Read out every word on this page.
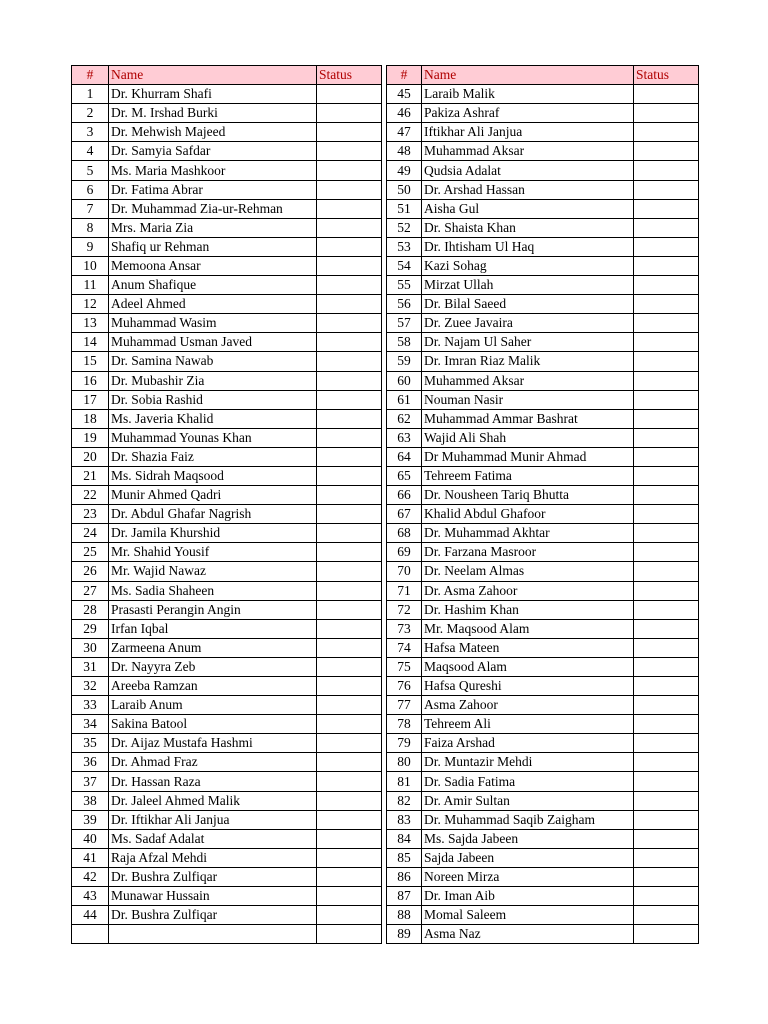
#	Name	Status		#	Name	Status
1	Dr. Khurram Shafi			45	Laraib Malik	
2	Dr. M. Irshad Burki			46	Pakiza Ashraf	
3	Dr. Mehwish Majeed			47	Iftikhar Ali Janjua	
4	Dr. Samyia Safdar			48	Muhammad Aksar	
5	Ms. Maria Mashkoor			49	Qudsia Adalat	
6	Dr. Fatima Abrar			50	Dr. Arshad Hassan	
7	Dr. Muhammad Zia-ur-Rehman			51	Aisha Gul	
8	Mrs. Maria Zia			52	Dr. Shaista Khan	
9	Shafiq ur Rehman			53	Dr. Ihtisham Ul Haq	
10	Memoona Ansar			54	Kazi Sohag	
11	Anum Shafique			55	Mirzat Ullah	
12	Adeel Ahmed			56	Dr. Bilal Saeed	
13	Muhammad Wasim			57	Dr. Zuee Javaira	
14	Muhammad Usman Javed			58	Dr. Najam Ul Saher	
15	Dr. Samina Nawab			59	Dr. Imran Riaz Malik	
16	Dr. Mubashir Zia			60	Muhammed Aksar	
17	Dr. Sobia Rashid			61	Nouman Nasir	
18	Ms. Javeria Khalid			62	Muhammad Ammar Bashrat	
19	Muhammad Younas Khan			63	Wajid Ali Shah	
20	Dr. Shazia Faiz			64	Dr Muhammad Munir Ahmad	
21	Ms. Sidrah Maqsood			65	Tehreem Fatima	
22	Munir Ahmed Qadri			66	Dr. Nousheen Tariq Bhutta	
23	Dr. Abdul Ghafar Nagrish			67	Khalid Abdul Ghafoor	
24	Dr. Jamila Khurshid			68	Dr. Muhammad Akhtar	
25	Mr. Shahid Yousif			69	Dr. Farzana Masroor	
26	Mr. Wajid Nawaz			70	Dr. Neelam Almas	
27	Ms. Sadia Shaheen			71	Dr. Asma Zahoor	
28	Prasasti Perangin Angin			72	Dr. Hashim Khan	
29	Irfan Iqbal			73	Mr. Maqsood Alam	
30	Zarmeena Anum			74	Hafsa Mateen	
31	Dr. Nayyra Zeb			75	Maqsood Alam	
32	Areeba Ramzan			76	Hafsa Qureshi	
33	Laraib Anum			77	Asma Zahoor	
34	Sakina Batool			78	Tehreem Ali	
35	Dr. Aijaz Mustafa Hashmi			79	Faiza Arshad	
36	Dr. Ahmad Fraz			80	Dr. Muntazir Mehdi	
37	Dr. Hassan Raza			81	Dr. Sadia Fatima	
38	Dr. Jaleel Ahmed Malik			82	Dr. Amir Sultan	
39	Dr. Iftikhar Ali Janjua			83	Dr. Muhammad Saqib Zaigham	
40	Ms. Sadaf Adalat			84	Ms. Sajda Jabeen	
41	Raja Afzal Mehdi			85	Sajda Jabeen	
42	Dr. Bushra Zulfiqar			86	Noreen Mirza	
43	Munawar Hussain			87	Dr. Iman Aib	
44	Dr. Bushra Zulfiqar			88	Momal Saleem	
				89	Asma Naz	
